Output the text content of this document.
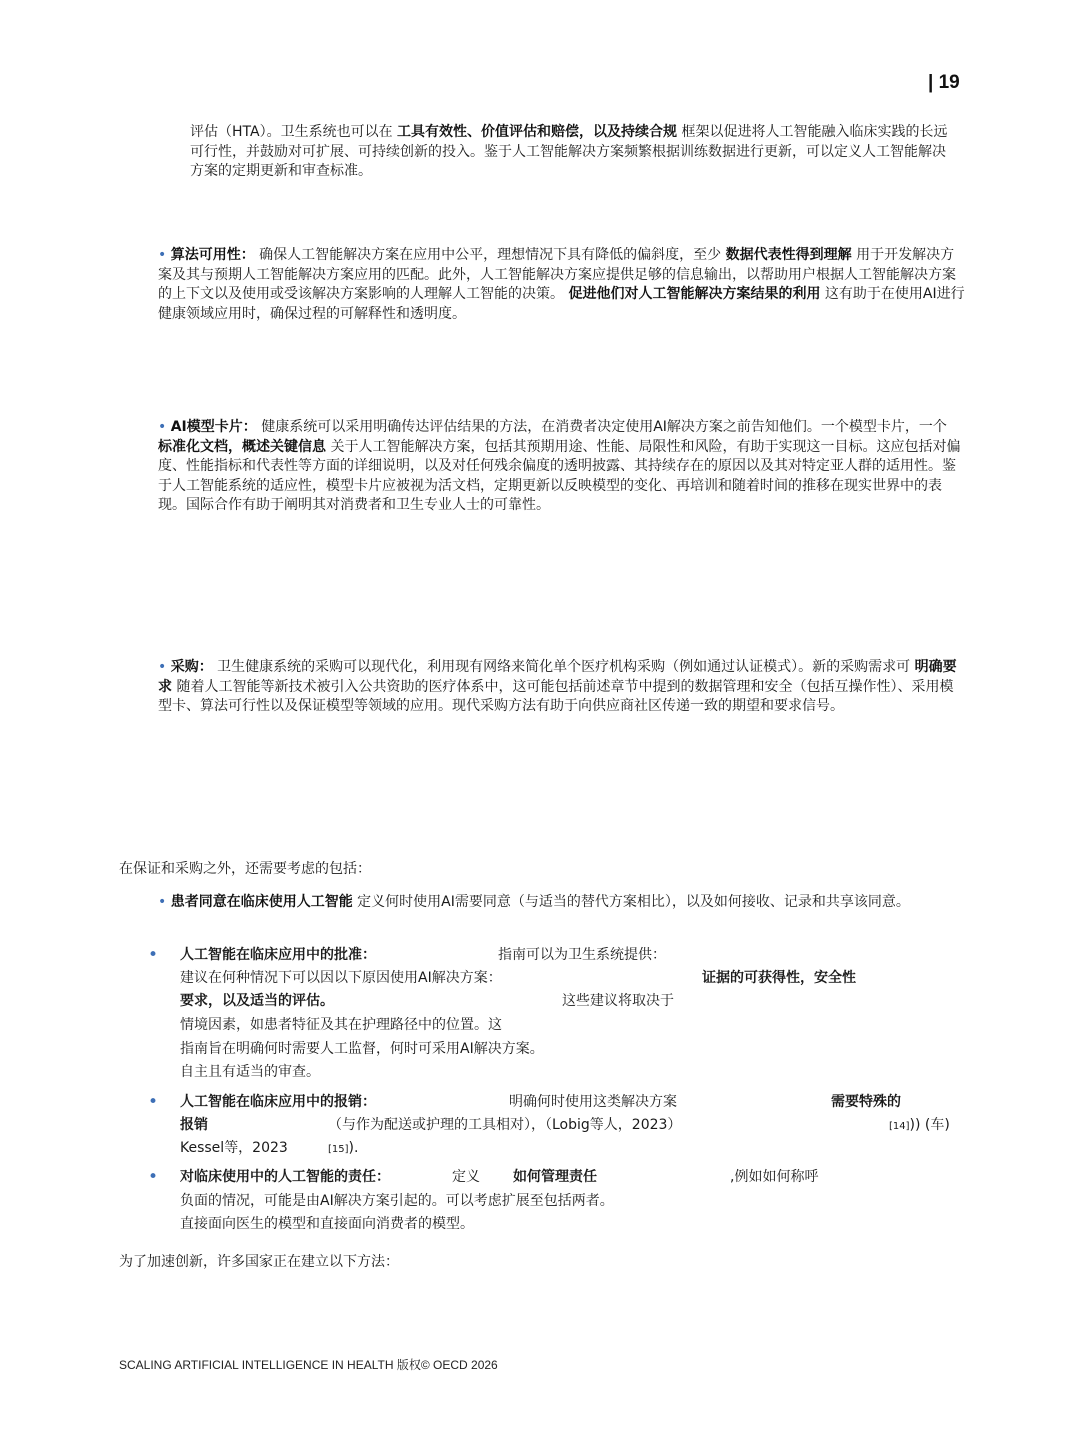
| 19

评估（HTA）。卫生系统也可以在 工具有效性、价值评估和赔偿，以及持续合规 框架以促进将人工智能融入临床实践的长远可行性，并鼓励对可扩展、可持续创新的投入。鉴于人工智能解决方案频繁根据训练数据进行更新，可以定义人工智能解决方案的定期更新和审查标准。

• 算法可用性： 确保人工智能解决方案在应用中公平，理想情况下具有降低的偏斜度，至少 数据代表性得到理解 用于开发解决方案及其与预期人工智能解决方案应用的匹配。此外，人工智能解决方案应提供足够的信息输出，以帮助用户根据人工智能解决方案的上下文以及使用或受该解决方案影响的人理解人工智能的决策。 促进他们对人工智能解决方案结果的利用 这有助于在使用AI进行健康领域应用时，确保过程的可解释性和透明度。

• AI模型卡片： 健康系统可以采用明确传达评估结果的方法，在消费者决定使用AI解决方案之前告知他们。一个模型卡片，一个
标准化文档，概述关键信息 关于人工智能解决方案，包括其预期用途、性能、局限性和风险，有助于实现这一目标。这应包括对偏度、性能指标和代表性等方面的详细说明，以及对任何残余偏度的透明披露、其持续存在的原因以及其对特定亚人群的适用性。鉴于人工智能系统的适应性，模型卡片应被视为活文档，定期更新以反映模型的变化、再培训和随着时间的推移在现实世界中的表现。国际合作有助于阐明其对消费者和卫生专业人士的可靠性。

• 采购： 卫生健康系统的采购可以现代化，利用现有网络来简化单个医疗机构采购（例如通过认证模式）。新的采购需求可 明确要求 随着人工智能等新技术被引入公共资助的医疗体系中，这可能包括前述章节中提到的数据管理和安全（包括互操作性）、采用模型卡、算法可行性以及保证模型等领域的应用。现代采购方法有助于向供应商社区传递一致的期望和要求信号。

在保证和采购之外，还需要考虑的包括：

• 患者同意在临床使用人工智能 定义何时使用AI需要同意（与适当的替代方案相比），以及如何接收、记录和共享该同意。

• 人工智能在临床应用中的批准：	指南可以为卫生系统提供：
建议在何种情况下可以因以下原因使用AI解决方案：	证据的可获得性，安全性
要求，以及适当的评估。	这些建议将取决于
情境因素，如患者特征及其在护理路径中的位置。这
指南旨在明确何时需要人工监督，何时可采用AI解决方案。
自主且有适当的审查。
• 人工智能在临床应用中的报销：	明确何时使用这类解决方案	需要特殊的
报销	（与作为配送或护理的工具相对），（Lobig等人，2023）	[14])) (车)
Kessel等，2023	[15]).
• 对临床使用中的人工智能的责任：	定义 如何管理责任	,例如如何称呼
负面的情况，可能是由AI解决方案引起的。可以考虑扩展至包括两者。
直接面向医生的模型和直接面向消费者的模型。
为了加速创新，许多国家正在建立以下方法：
SCALING ARTIFICIAL INTELLIGENCE IN HEALTH 版权© OECD 2026
